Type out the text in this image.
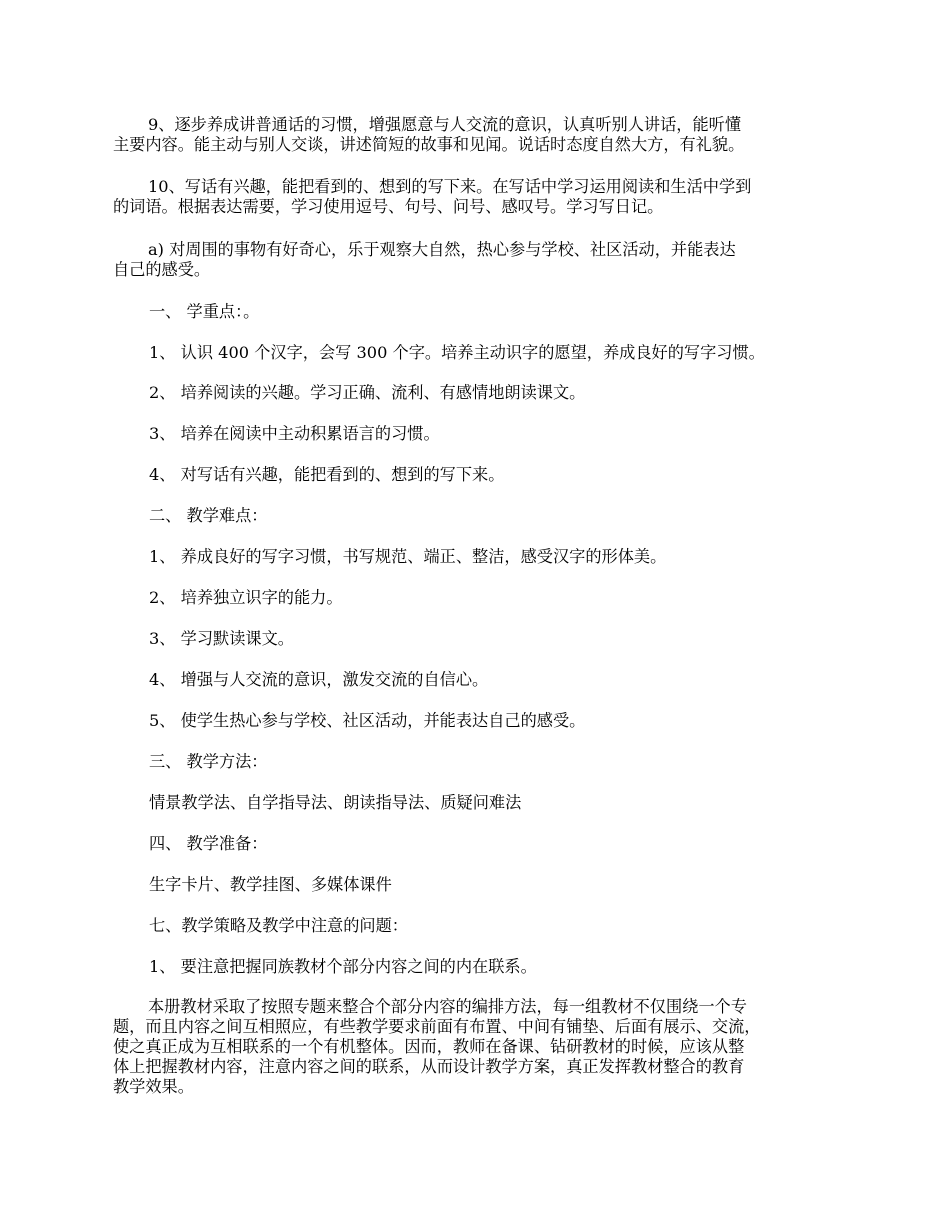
9、逐步养成讲普通话的习惯，增强愿意与人交流的意识，认真听别人讲话，能听懂
主要内容。能主动与别人交谈，讲述简短的故事和见闻。说话时态度自然大方，有礼貌。

10、写话有兴趣，能把看到的、想到的写下来。在写话中学习运用阅读和生活中学到
的词语。根据表达需要，学习使用逗号、句号、问号、感叹号。学习写日记。

a) 对周围的事物有好奇心，乐于观察大自然，热心参与学校、社区活动，并能表达
自己的感受。

一、 学重点：。

1、 认识 400 个汉字，会写 300 个字。培养主动识字的愿望，养成良好的写字习惯。

2、 培养阅读的兴趣。学习正确、流利、有感情地朗读课文。

3、 培养在阅读中主动积累语言的习惯。

4、 对写话有兴趣，能把看到的、想到的写下来。

二、 教学难点：

1、 养成良好的写字习惯，书写规范、端正、整洁，感受汉字的形体美。

2、 培养独立识字的能力。

3、 学习默读课文。

4、 增强与人交流的意识，激发交流的自信心。

5、 使学生热心参与学校、社区活动，并能表达自己的感受。

三、 教学方法：

情景教学法、自学指导法、朗读指导法、质疑问难法

四、 教学准备：

生字卡片、教学挂图、多媒体课件

七、教学策略及教学中注意的问题：

1、 要注意把握同族教材个部分内容之间的内在联系。

本册教材采取了按照专题来整合个部分内容的编排方法，每一组教材不仅围绕一个专
题，而且内容之间互相照应，有些教学要求前面有布置、中间有铺垫、后面有展示、交流，
使之真正成为互相联系的一个有机整体。因而，教师在备课、钻研教材的时候，应该从整
体上把握教材内容，注意内容之间的联系，从而设计教学方案，真正发挥教材整合的教育
教学效果。
